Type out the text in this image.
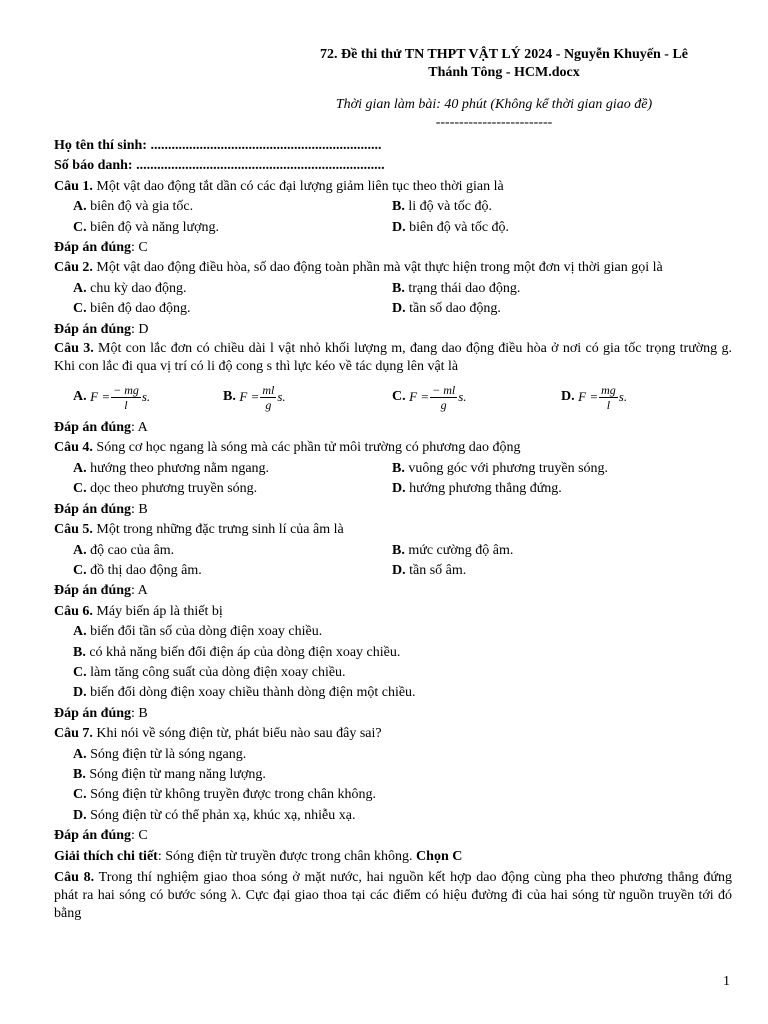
72. Đề thi thử TN THPT VẬT LÝ 2024 - Nguyễn Khuyến - Lê
Thánh Tông - HCM.docx
Thời gian làm bài: 40 phút (Không kể thời gian giao đề)
-------------------------
Họ tên thí sinh: ..................................................................
Số báo danh: .......................................................................
Câu 1. Một vật dao động tắt dần có các đại lượng giảm liên tục theo thời gian là
A. biên độ và gia tốc.	B. li độ và tốc độ.
C. biên độ và năng lượng.	D. biên độ và tốc độ.
Đáp án đúng: C
Câu 2. Một vật dao động điều hòa, số dao động toàn phần mà vật thực hiện trong một đơn vị thời gian gọi là
A. chu kỳ dao động.	B. trạng thái dao động.
C. biên độ dao động.	D. tần số dao động.
Đáp án đúng: D
Câu 3. Một con lắc đơn có chiều dài l vật nhỏ khối lượng m, đang dao động điều hòa ở nơi có gia tốc trọng trường g. Khi con lắc đi qua vị trí có li độ cong s thì lực kéo về tác dụng lên vật là
A.
$F = \frac{- mg}{l} s$.	B.
$F = \frac{ml}{g} s$.	C.
$F = \frac{- ml}{g} s$.	D.
$F = \frac{mg}{l} s$.
Đáp án đúng: A
Câu 4. Sóng cơ học ngang là sóng mà các phần tử môi trường có phương dao động
A. hướng theo phương nằm ngang.	B. vuông góc với phương truyền sóng.
C. dọc theo phương truyền sóng.	D. hướng phương thẳng đứng.
Đáp án đúng: B
Câu 5. Một trong những đặc trưng sinh lí của âm là
A. độ cao của âm.	B. mức cường độ âm.
C. đồ thị dao động âm.	D. tần số âm.
Đáp án đúng: A
Câu 6. Máy biến áp là thiết bị
A. biến đổi tần số của dòng điện xoay chiều.
B. có khả năng biến đổi điện áp của dòng điện xoay chiều.
C. làm tăng công suất của dòng điện xoay chiều.
D. biến đổi dòng điện xoay chiều thành dòng điện một chiều.
Đáp án đúng: B
Câu 7. Khi nói về sóng điện từ, phát biểu nào sau đây sai?
A. Sóng điện từ là sóng ngang.
B. Sóng điện từ mang năng lượng.
C. Sóng điện từ không truyền được trong chân không.
D. Sóng điện từ có thể phản xạ, khúc xạ, nhiễu xạ.
Đáp án đúng: C
Giải thích chi tiết: Sóng điện từ truyền được trong chân không. Chọn C
Câu 8. Trong thí nghiệm giao thoa sóng ở mặt nước, hai nguồn kết hợp dao động cùng pha theo phương thẳng đứng phát ra hai sóng có bước sóng λ. Cực đại giao thoa tại các điểm có hiệu đường đi của hai sóng từ nguồn truyền tới đó bằng
1
